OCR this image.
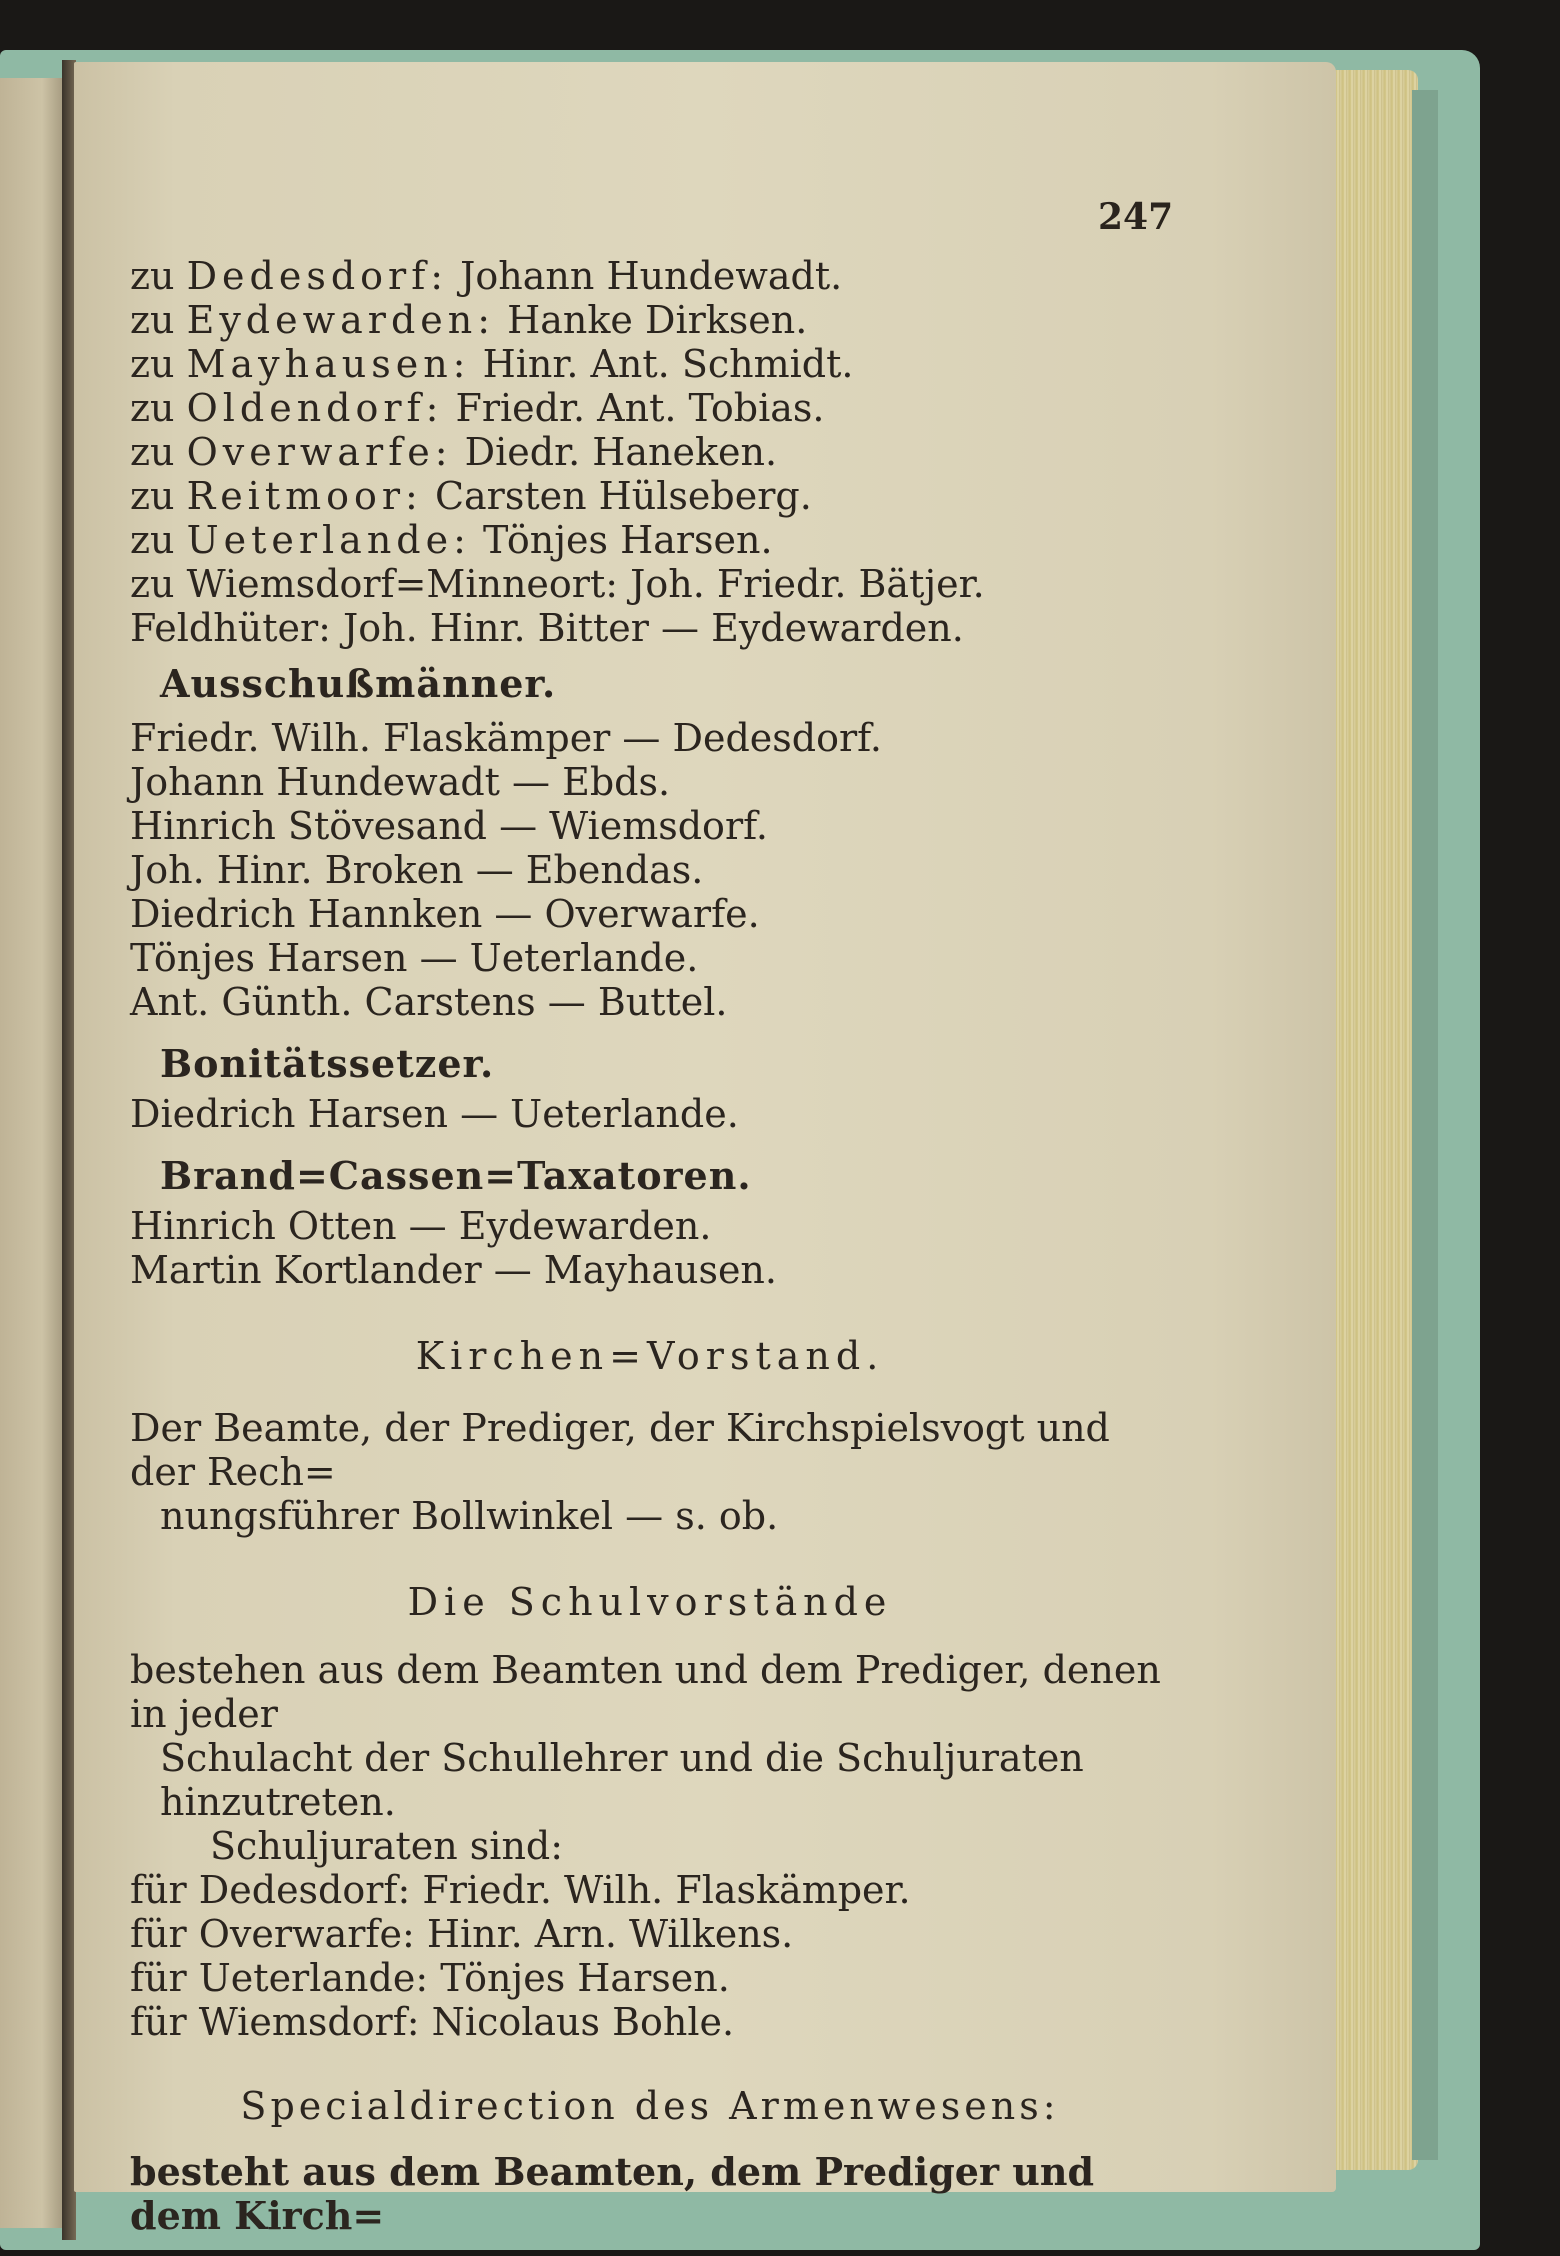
247
zu Dedesdorf: Johann Hundewadt.
zu Eydewarden: Hanke Dirksen.
zu Mayhausen: Hinr. Ant. Schmidt.
zu Oldendorf: Friedr. Ant. Tobias.
zu Overwarfe: Diedr. Haneken.
zu Reitmoor: Carsten Hülseberg.
zu Ueterlande: Tönjes Harsen.
zu Wiemsdorf=Minneort: Joh. Friedr. Bätjer.
Feldhüter: Joh. Hinr. Bitter — Eydewarden.
Ausschußmänner.
Friedr. Wilh. Flaskämper — Dedesdorf.
Johann Hundewadt — Ebds.
Hinrich Stövesand — Wiemsdorf.
Joh. Hinr. Broken — Ebendas.
Diedrich Hannken — Overwarfe.
Tönjes Harsen — Ueterlande.
Ant. Günth. Carstens — Buttel.
Bonitätssetzer.
Diedrich Harsen — Ueterlande.
Brand=Cassen=Taxatoren.
Hinrich Otten — Eydewarden.
Martin Kortlander — Mayhausen.
Kirchen=Vorstand.
Der Beamte, der Prediger, der Kirchspielsvogt und der Rech=
nungsführer Bollwinkel — s. ob.
Die Schulvorstände
bestehen aus dem Beamten und dem Prediger, denen in jeder
Schulacht der Schullehrer und die Schuljuraten hinzutreten.
Schuljuraten sind:
für Dedesdorf: Friedr. Wilh. Flaskämper.
für Overwarfe: Hinr. Arn. Wilkens.
für Ueterlande: Tönjes Harsen.
für Wiemsdorf: Nicolaus Bohle.
Specialdirection des Armenwesens:
besteht aus dem Beamten, dem Prediger und dem Kirch=
